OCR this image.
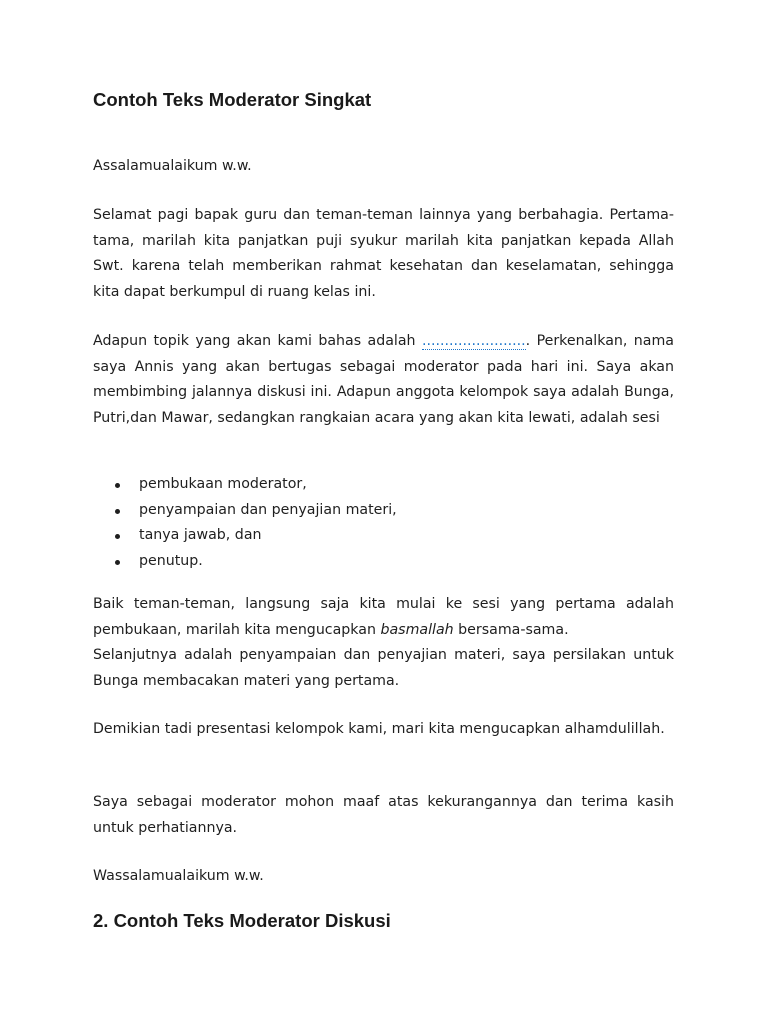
Contoh Teks Moderator Singkat

Assalamualaikum w.w.

Selamat pagi bapak guru dan teman-teman lainnya yang berbahagia. Pertama-tama, marilah kita panjatkan puji syukur marilah kita panjatkan kepada Allah Swt. karena telah memberikan rahmat kesehatan dan keselamatan, sehingga kita dapat berkumpul di ruang kelas ini.

Adapun topik yang akan kami bahas adalah ........................ Perkenalkan, nama saya Annis yang akan bertugas sebagai moderator pada hari ini. Saya akan membimbing jalannya diskusi ini. Adapun anggota kelompok saya adalah Bunga, Putri,dan Mawar, sedangkan rangkaian acara yang akan kita lewati, adalah sesi

pembukaan moderator,
penyampaian dan penyajian materi,
tanya jawab, dan
penutup.

Baik teman-teman, langsung saja kita mulai ke sesi yang pertama adalah pembukaan, marilah kita mengucapkan basmallah bersama-sama.

Selanjutnya adalah penyampaian dan penyajian materi, saya persilakan untuk Bunga membacakan materi yang pertama.

Demikian tadi presentasi kelompok kami, mari kita mengucapkan alhamdulillah.

Saya sebagai moderator mohon maaf atas kekurangannya dan terima kasih untuk perhatiannya.

Wassalamualaikum w.w.

2. Contoh Teks Moderator Diskusi
